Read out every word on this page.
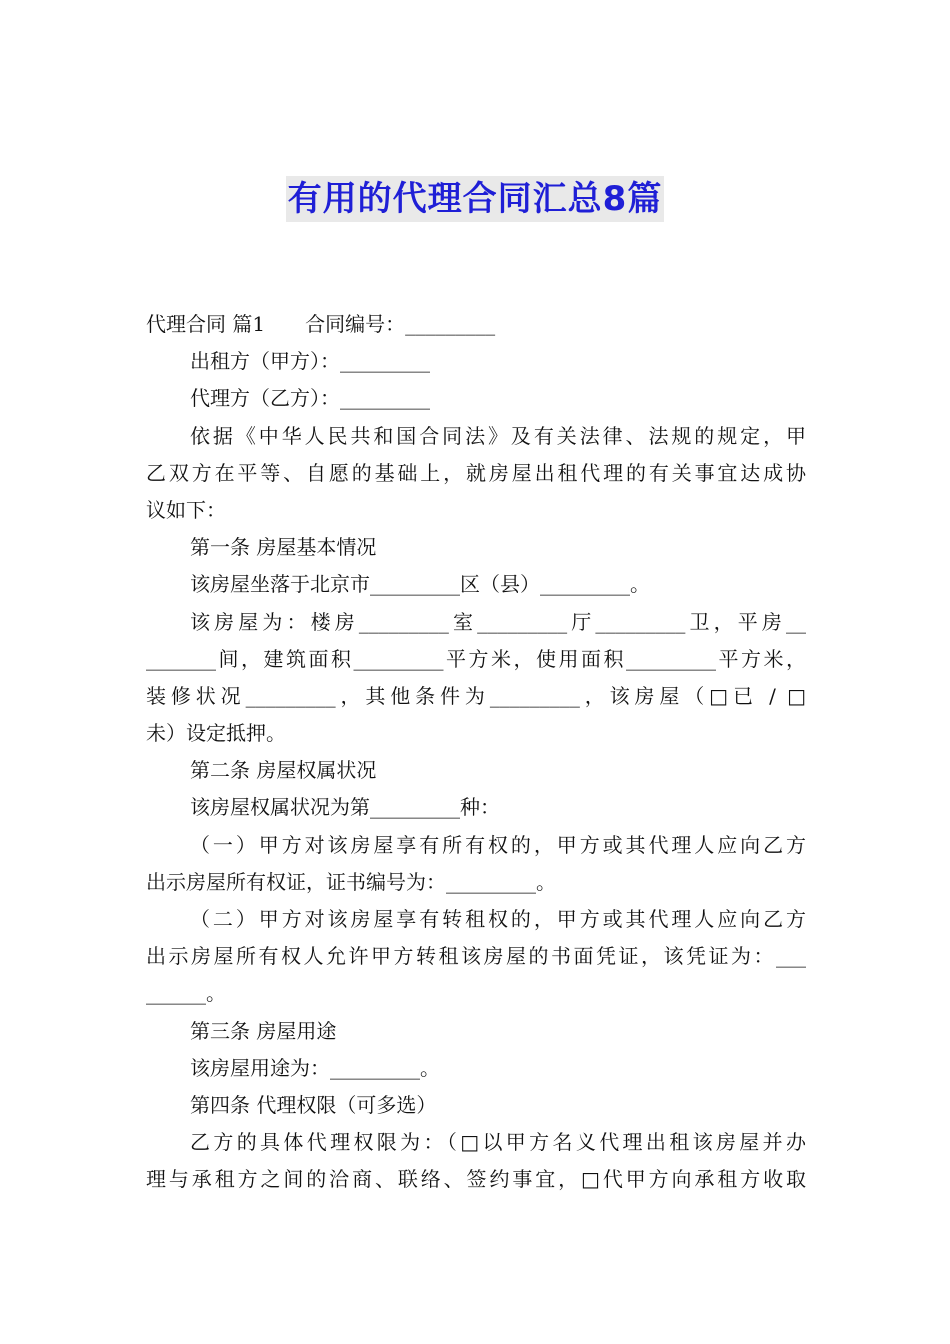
有用的代理合同汇总8篇
代理合同 篇1 合同编号：_________
出租方（甲方）：_________
代理方（乙方）：_________
依据《中华人民共和国合同法》及有关法律、法规的规定，甲
乙双方在平等、自愿的基础上，就房屋出租代理的有关事宜达成协
议如下：
第一条 房屋基本情况
该房屋坐落于北京市_________区（县）_________。
该房屋为：楼房_________室_________厅_________卫，平房__
_______间，建筑面积_________平方米，使用面积_________平方米，
装修状况_________，其他条件为_________，该房屋（□已 / □
未）设定抵押。
第二条 房屋权属状况
该房屋权属状况为第_________种：
（一）甲方对该房屋享有所有权的，甲方或其代理人应向乙方
出示房屋所有权证，证书编号为：_________。
（二）甲方对该房屋享有转租权的，甲方或其代理人应向乙方
出示房屋所有权人允许甲方转租该房屋的书面凭证，该凭证为：___
______。
第三条 房屋用途
该房屋用途为：_________。
第四条 代理权限（可多选）
乙方的具体代理权限为：（□以甲方名义代理出租该房屋并办
理与承租方之间的洽商、联络、签约事宜，□代甲方向承租方收取
